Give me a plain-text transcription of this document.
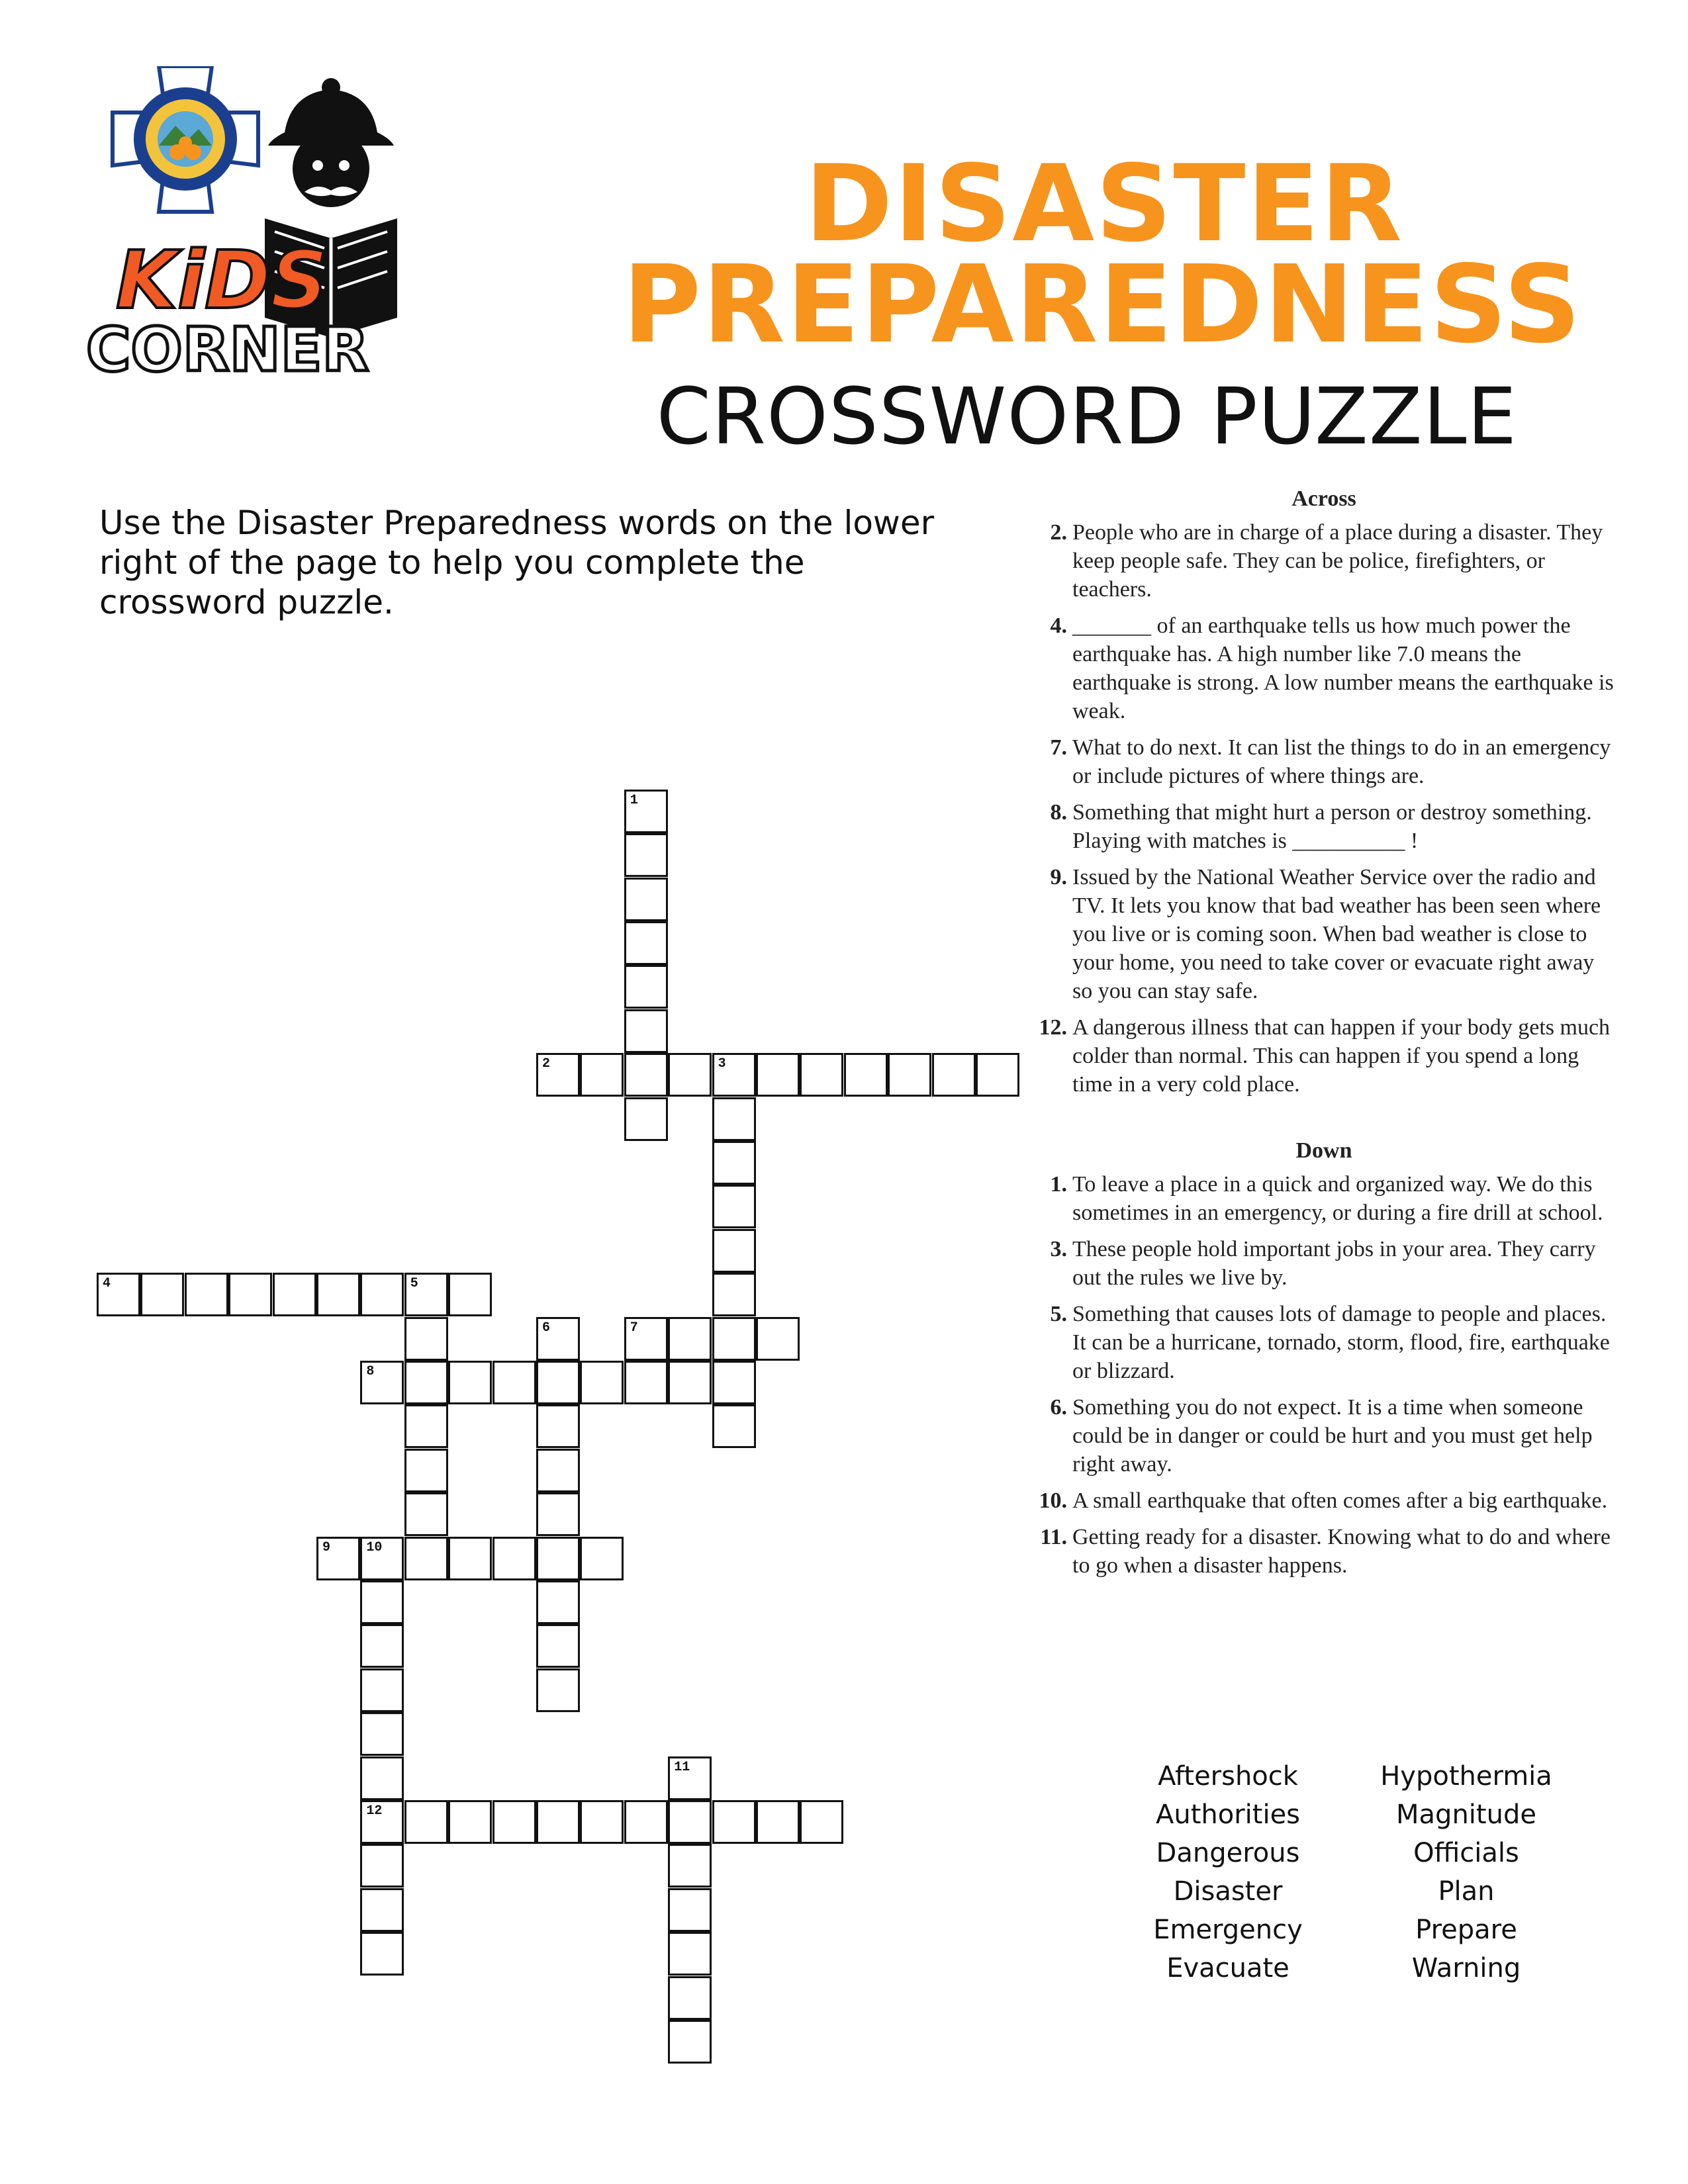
KiDS
CORNER
DISASTER
PREPAREDNESS
CROSSWORD PUZZLE
Use the Disaster Preparedness words on the lower right of the page to help you complete the crossword puzzle.
2	3
4	5
7
8
9	10
12
1
6
11
Across
2. People who are in charge of a place during a disaster. They keep people safe. They can be police, firefighters, or teachers.
4. _______ of an earthquake tells us how much power the earthquake has. A high number like 7.0 means the earthquake is strong. A low number means the earthquake is weak.
7. What to do next. It can list the things to do in an emergency or include pictures of where things are.
8. Something that might hurt a person or destroy something. Playing with matches is __________ !
9. Issued by the National Weather Service over the radio and TV. It lets you know that bad weather has been seen where you live or is coming soon. When bad weather is close to your home, you need to take cover or evacuate right away so you can stay safe.
12. A dangerous illness that can happen if your body gets much colder than normal. This can happen if you spend a long time in a very cold place.
Down
1. To leave a place in a quick and organized way. We do this sometimes in an emergency, or during a fire drill at school.
3. These people hold important jobs in your area. They carry out the rules we live by.
5. Something that causes lots of damage to people and places. It can be a hurricane, tornado, storm, flood, fire, earthquake or blizzard.
6. Something you do not expect. It is a time when someone could be in danger or could be hurt and you must get help right away.
10. A small earthquake that often comes after a big earthquake.
11. Getting ready for a disaster. Knowing what to do and where to go when a disaster happens.
Aftershock
Authorities
Dangerous
Disaster
Emergency
Evacuate
Hypothermia
Magnitude
Officials
Plan
Prepare
Warning
